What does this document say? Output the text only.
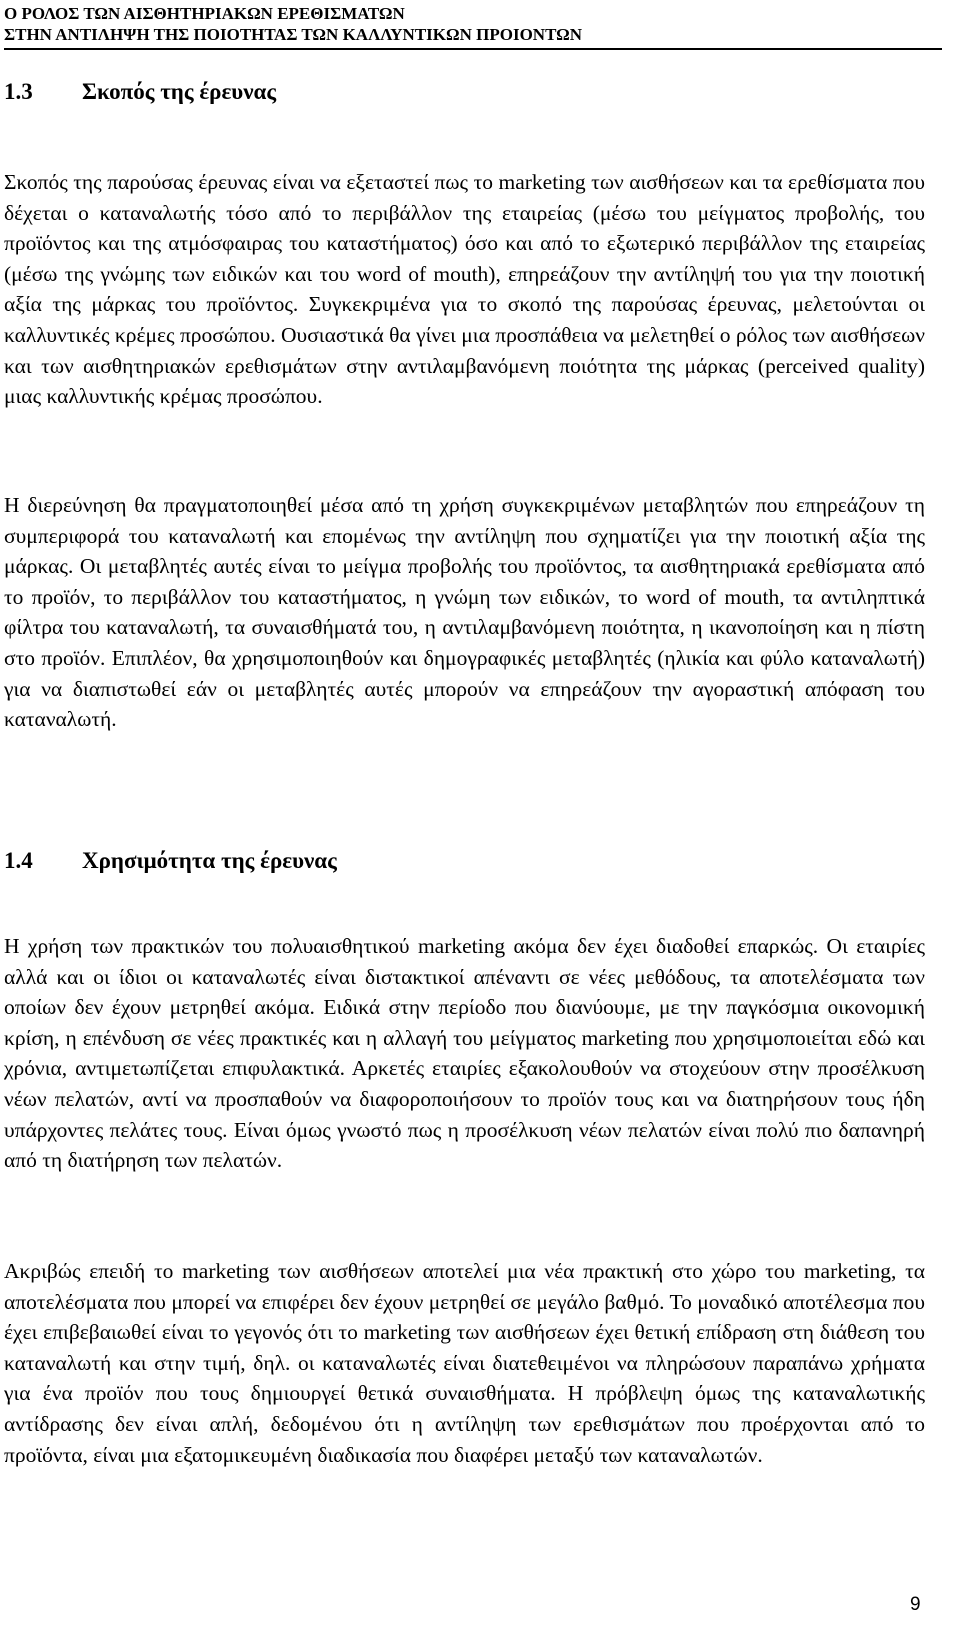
Ο ΡΟΛΟΣ ΤΩΝ ΑΙΣΘΗΤΗΡΙΑΚΩΝ ΕΡΕΘΙΣΜΑΤΩΝ
ΣΤΗΝ ΑΝΤΙΛΗΨΗ ΤΗΣ ΠΟΙΟΤΗΤΑΣ ΤΩΝ ΚΑΛΛΥΝΤΙΚΩΝ ΠΡΟΙΟΝΤΩΝ
1.3 Σκοπός της έρευνας

Σκοπός της παρούσας έρευνας είναι να εξεταστεί πως το marketing των αισθήσεων και τα ερεθίσματα που δέχεται ο καταναλωτής τόσο από το περιβάλλον της εταιρείας (μέσω του μείγματος προβολής, του προϊόντος και της ατμόσφαιρας του καταστήματος) όσο και από το εξωτερικό περιβάλλον της εταιρείας (μέσω της γνώμης των ειδικών και του word of mouth), επηρεάζουν την αντίληψή του για την ποιοτική αξία της μάρκας του προϊόντος. Συγκεκριμένα για το σκοπό της παρούσας έρευνας, μελετούνται οι καλλυντικές κρέμες προσώπου. Ουσιαστικά θα γίνει μια προσπάθεια να μελετηθεί ο ρόλος των αισθήσεων και των αισθητηριακών ερεθισμάτων στην αντιλαμβανόμενη ποιότητα της μάρκας (perceived quality) μιας καλλυντικής κρέμας προσώπου.

Η διερεύνηση θα πραγματοποιηθεί μέσα από τη χρήση συγκεκριμένων μεταβλητών που επηρεάζουν τη συμπεριφορά του καταναλωτή και επομένως την αντίληψη που σχηματίζει για την ποιοτική αξία της μάρκας. Οι μεταβλητές αυτές είναι το μείγμα προβολής του προϊόντος, τα αισθητηριακά ερεθίσματα από το προϊόν, το περιβάλλον του καταστήματος, η γνώμη των ειδικών, το word of mouth, τα αντιληπτικά φίλτρα του καταναλωτή, τα συναισθήματά του, η αντιλαμβανόμενη ποιότητα, η ικανοποίηση και η πίστη στο προϊόν. Επιπλέον, θα χρησιμοποιηθούν και δημογραφικές μεταβλητές (ηλικία και φύλο καταναλωτή) για να διαπιστωθεί εάν οι μεταβλητές αυτές μπορούν να επηρεάζουν την αγοραστική απόφαση του καταναλωτή.

1.4 Χρησιμότητα της έρευνας

Η χρήση των πρακτικών του πολυαισθητικού marketing ακόμα δεν έχει διαδοθεί επαρκώς. Οι εταιρίες αλλά και οι ίδιοι οι καταναλωτές είναι διστακτικοί απέναντι σε νέες μεθόδους, τα αποτελέσματα των οποίων δεν έχουν μετρηθεί ακόμα. Ειδικά στην περίοδο που διανύουμε, με την παγκόσμια οικονομική κρίση, η επένδυση σε νέες πρακτικές και η αλλαγή του μείγματος marketing που χρησιμοποιείται εδώ και χρόνια, αντιμετωπίζεται επιφυλακτικά. Αρκετές εταιρίες εξακολουθούν να στοχεύουν στην προσέλκυση νέων πελατών, αντί να προσπαθούν να διαφοροποιήσουν το προϊόν τους και να διατηρήσουν τους ήδη υπάρχοντες πελάτες τους. Είναι όμως γνωστό πως η προσέλκυση νέων πελατών είναι πολύ πιο δαπανηρή από τη διατήρηση των πελατών.

Ακριβώς επειδή το marketing των αισθήσεων αποτελεί μια νέα πρακτική στο χώρο του marketing, τα αποτελέσματα που μπορεί να επιφέρει δεν έχουν μετρηθεί σε μεγάλο βαθμό. Το μοναδικό αποτέλεσμα που έχει επιβεβαιωθεί είναι το γεγονός ότι το marketing των αισθήσεων έχει θετική επίδραση στη διάθεση του καταναλωτή και στην τιμή, δηλ. οι καταναλωτές είναι διατεθειμένοι να πληρώσουν παραπάνω χρήματα για ένα προϊόν που τους δημιουργεί θετικά συναισθήματα. Η πρόβλεψη όμως της καταναλωτικής αντίδρασης δεν είναι απλή, δεδομένου ότι η αντίληψη των ερεθισμάτων που προέρχονται από το προϊόντα, είναι μια εξατομικευμένη διαδικασία που διαφέρει μεταξύ των καταναλωτών.

9
